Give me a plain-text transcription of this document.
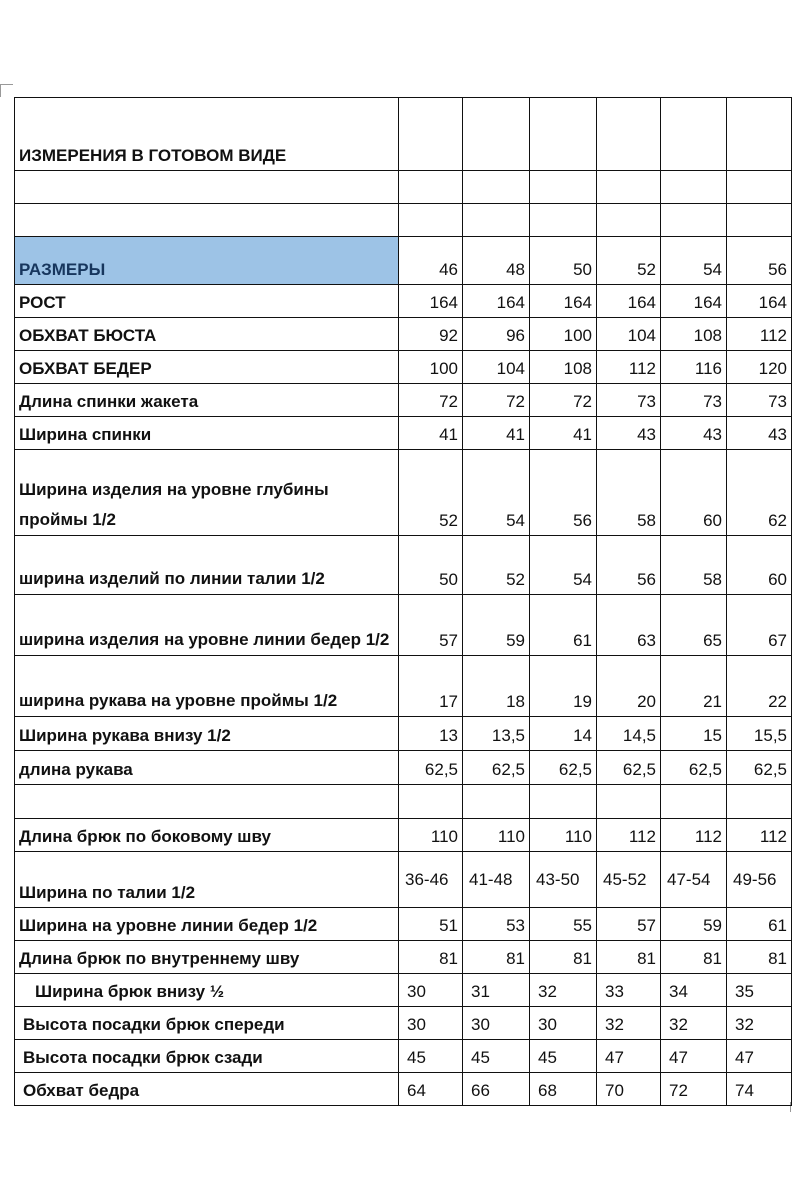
ИЗМЕРЕНИЯ В ГОТОВОМ ВИДЕ						

РАЗМЕРЫ	46	48	50	52	54	56
РОСТ	164	164	164	164	164	164
ОБХВАТ БЮСТА	92	96	100	104	108	112
ОБХВАТ БЕДЕР	100	104	108	112	116	120
Длина спинки жакета	72	72	72	73	73	73
Ширина спинки	41	41	41	43	43	43
Ширина изделия на уровне глубины проймы 1/2	52	54	56	58	60	62
ширина изделий по линии талии 1/2	50	52	54	56	58	60
ширина изделия на уровне линии бедер 1/2	57	59	61	63	65	67
ширина рукава на уровне проймы 1/2	17	18	19	20	21	22
Ширина рукава внизу 1/2	13	13,5	14	14,5	15	15,5
длина рукава	62,5	62,5	62,5	62,5	62,5	62,5

Длина брюк по боковому шву	110	110	110	112	112	112
Ширина по талии 1/2	36-46	41-48	43-50	45-52	47-54	49-56
Ширина на уровне линии бедер 1/2	51	53	55	57	59	61
Длина брюк по внутреннему шву	81	81	81	81	81	81
Ширина брюк внизу ½	30	31	32	33	34	35
Высота посадки брюк спереди	30	30	30	32	32	32
Высота посадки брюк сзади	45	45	45	47	47	47
Обхват бедра	64	66	68	70	72	74
